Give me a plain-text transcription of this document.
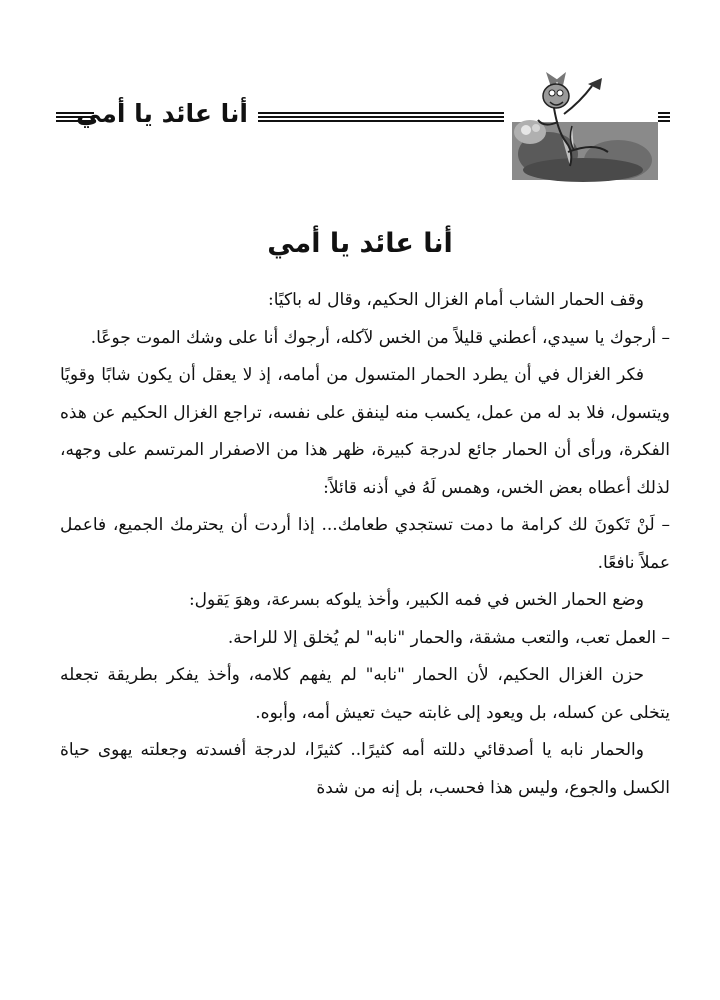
أنا عائد يا أمي
أنا عائد يا أمي

وقف الحمار الشاب أمام الغزال الحكيم، وقال له باكيًا:

– أرجوك يا سيدي، أعطني قليلاً من الخس لآكله، أرجوك أنا على وشك الموت جوعًا.

فكر الغزال في أن يطرد الحمار المتسول من أمامه، إذ لا يعقل أن يكون شابًا وقويًا ويتسول، فلا بد له من عمل، يكسب منه لينفق على نفسه، تراجع الغزال الحكيم عن هذه الفكرة، ورأى أن الحمار جائع لدرجة كبيرة، ظهر هذا من الاصفرار المرتسم على وجهه، لذلك أعطاه بعض الخس، وهمس لَهُ في أذنه قائلاً:

– لَنْ تَكونَ لك كرامة ما دمت تستجدي طعامك... إذا أردت أن يحترمك الجميع، فاعمل عملاً نافعًا.

وضع الحمار الخس في فمه الكبير، وأخذ يلوكه بسرعة، وهوَ يَقول:

– العمل تعب، والتعب مشقة، والحمار "نابه" لم يُخلق إلا للراحة.

حزن الغزال الحكيم، لأن الحمار "نابه" لم يفهم كلامه، وأخذ يفكر بطريقة تجعله يتخلى عن كسله، بل ويعود إلى غابته حيث تعيش أمه، وأبوه.

والحمار نابه يا أصدقائي دللته أمه كثيرًا.. كثيرًا، لدرجة أفسدته وجعلته يهوى حياة الكسل والجوع، وليس هذا فحسب، بل إنه من شدة
